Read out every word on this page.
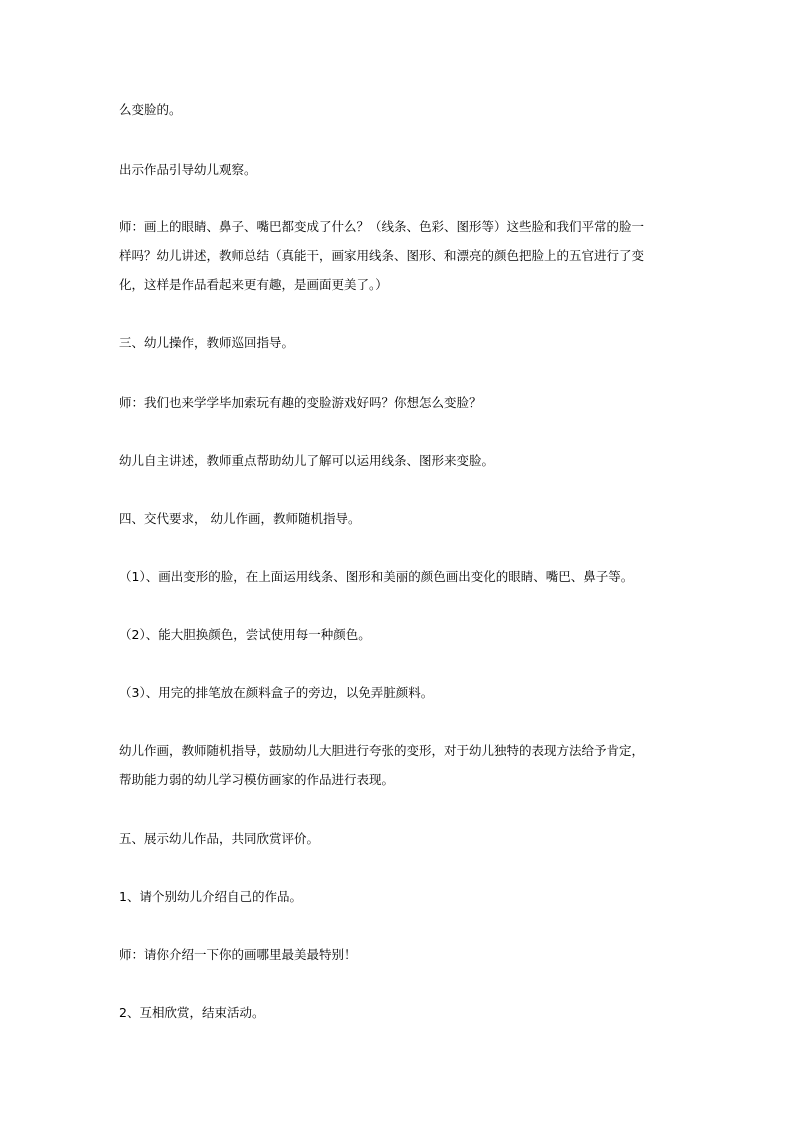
么变脸的。

出示作品引导幼儿观察。

师：画上的眼睛、鼻子、嘴巴都变成了什么？（线条、色彩、图形等）这些脸和我们平常的脸一
样吗？幼儿讲述，教师总结（真能干，画家用线条、图形、和漂亮的颜色把脸上的五官进行了变
化，这样是作品看起来更有趣，是画面更美了。）

三、幼儿操作，教师巡回指导。

师：我们也来学学毕加索玩有趣的变脸游戏好吗？你想怎么变脸？

幼儿自主讲述，教师重点帮助幼儿了解可以运用线条、图形来变脸。

四、交代要求， 幼儿作画，教师随机指导。

（1）、画出变形的脸，在上面运用线条、图形和美丽的颜色画出变化的眼睛、嘴巴、鼻子等。

（2）、能大胆换颜色，尝试使用每一种颜色。

（3）、用完的排笔放在颜料盒子的旁边，以免弄脏颜料。

幼儿作画，教师随机指导，鼓励幼儿大胆进行夸张的变形，对于幼儿独特的表现方法给予肯定，
帮助能力弱的幼儿学习模仿画家的作品进行表现。

五、展示幼儿作品，共同欣赏评价。

1、请个别幼儿介绍自己的作品。

师：请你介绍一下你的画哪里最美最特别！

2、互相欣赏，结束活动。
